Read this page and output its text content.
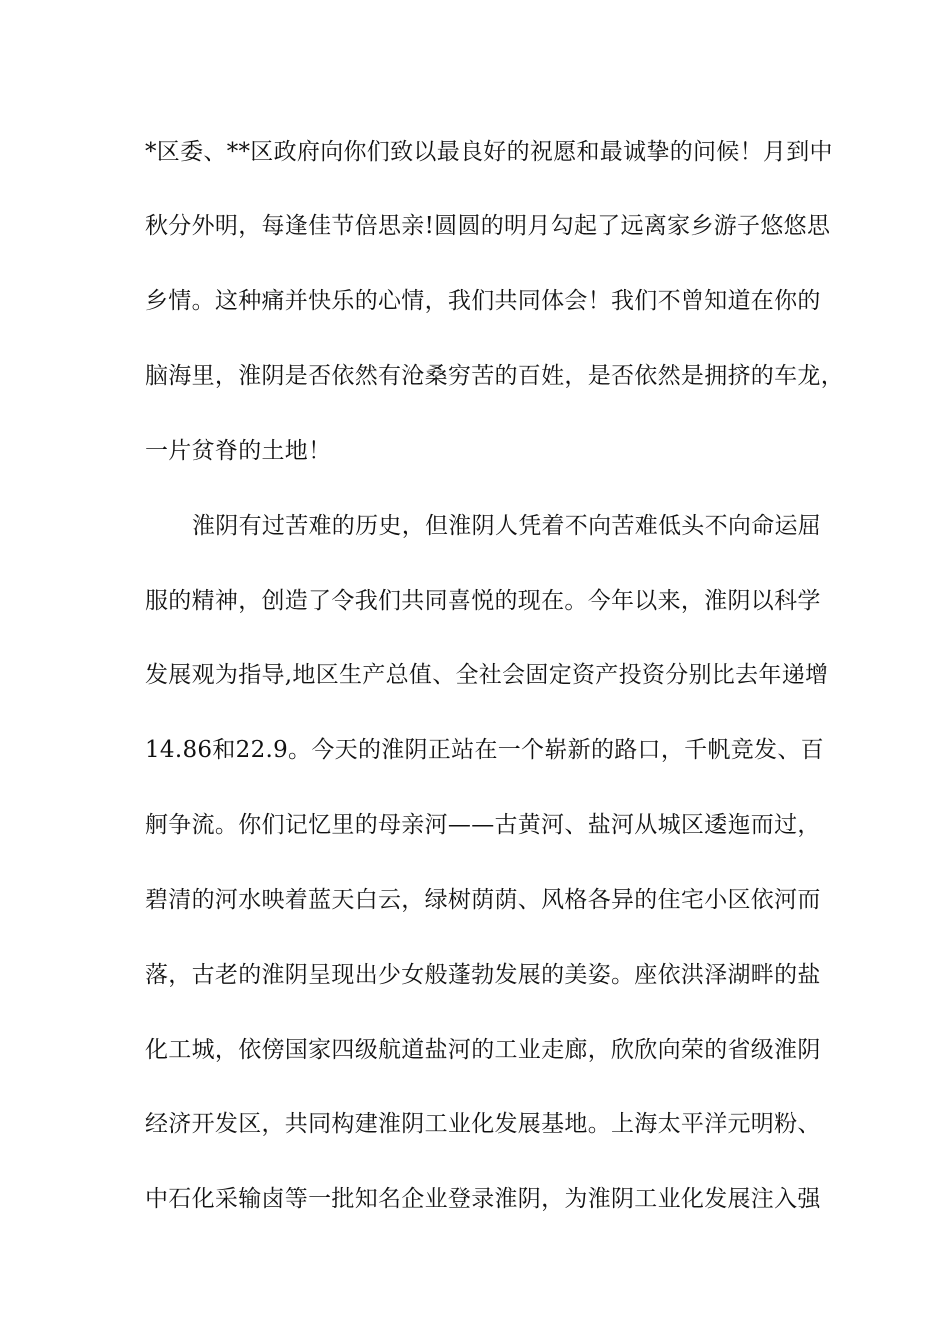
*区委、**区政府向你们致以最良好的祝愿和最诚挚的问候！月到中
秋分外明，每逢佳节倍思亲!圆圆的明月勾起了远离家乡游子悠悠思
乡情。这种痛并快乐的心情，我们共同体会！我们不曾知道在你的
脑海里，淮阴是否依然有沧桑穷苦的百姓，是否依然是拥挤的车龙，
一片贫脊的土地！
淮阴有过苦难的历史，但淮阴人凭着不向苦难低头不向命运屈
服的精神，创造了令我们共同喜悦的现在。今年以来，淮阴以科学
发展观为指导,地区生产总值、全社会固定资产投资分别比去年递增
14.86和22.9。今天的淮阴正站在一个崭新的路口，千帆竞发、百
舸争流。你们记忆里的母亲河——古黄河、盐河从城区逶迤而过，
碧清的河水映着蓝天白云，绿树荫荫、风格各异的住宅小区依河而
落，古老的淮阴呈现出少女般蓬勃发展的美姿。座依洪泽湖畔的盐
化工城，依傍国家四级航道盐河的工业走廊，欣欣向荣的省级淮阴
经济开发区，共同构建淮阴工业化发展基地。上海太平洋元明粉、
中石化采输卤等一批知名企业登录淮阴，为淮阴工业化发展注入强
